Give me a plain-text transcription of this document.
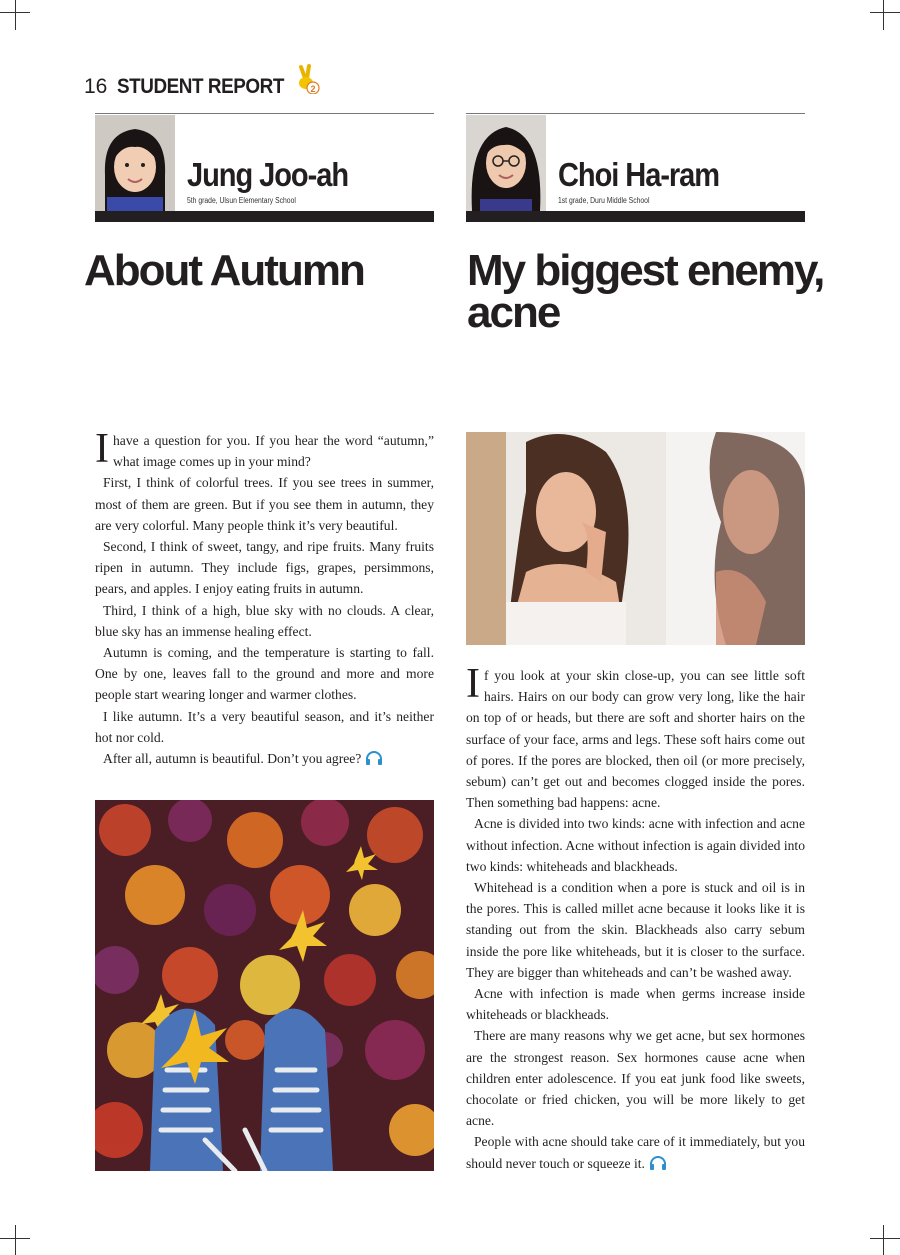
16 STUDENT REPORT	2
Jung Joo-ah
5th grade, Ulsun Elementary School
Choi Ha-ram
1st grade, Duru Middle School
About Autumn My biggest enemy,
acne

Ihave a question for you. If you hear the word “autumn,” what image comes up in your mind?

First, I think of colorful trees. If you see trees in summer, most of them are green. But if you see them in autumn, they are very colorful. Many people think it’s very beautiful.

Second, I think of sweet, tangy, and ripe fruits. Many fruits ripen in autumn. They include figs, grapes, persimmons, pears, and apples. I enjoy eating fruits in autumn.

Third, I think of a high, blue sky with no clouds. A clear, blue sky has an immense healing effect.

Autumn is coming, and the temperature is starting to fall. One by one, leaves fall to the ground and more and more people start wearing longer and warmer clothes.

I like autumn. It’s a very beautiful season, and it’s neither hot nor cold.

After all, autumn is beautiful. Don’t you agree?

If you look at your skin close-up, you can see little soft hairs. Hairs on our body can grow very long, like the hair on top of or heads, but there are soft and shorter hairs on the surface of your face, arms and legs. These soft hairs come out of pores. If the pores are blocked, then oil (or more precisely, sebum) can’t get out and becomes clogged inside the pores. Then something bad happens: acne.

Acne is divided into two kinds: acne with infection and acne without infection. Acne without infection is again divided into two kinds: whiteheads and blackheads.

Whitehead is a condition when a pore is stuck and oil is in the pores. This is called millet acne because it looks like it is standing out from the skin. Blackheads also carry sebum inside the pore like whiteheads, but it is closer to the surface. They are bigger than whiteheads and can’t be washed away.

Acne with infection is made when germs increase inside whiteheads or blackheads.

There are many reasons why we get acne, but sex hormones are the strongest reason. Sex hormones cause acne when children enter adolescence. If you eat junk food like sweets, chocolate or fried chicken, you will be more likely to get acne.

People with acne should take care of it immediately, but you should never touch or squeeze it.
